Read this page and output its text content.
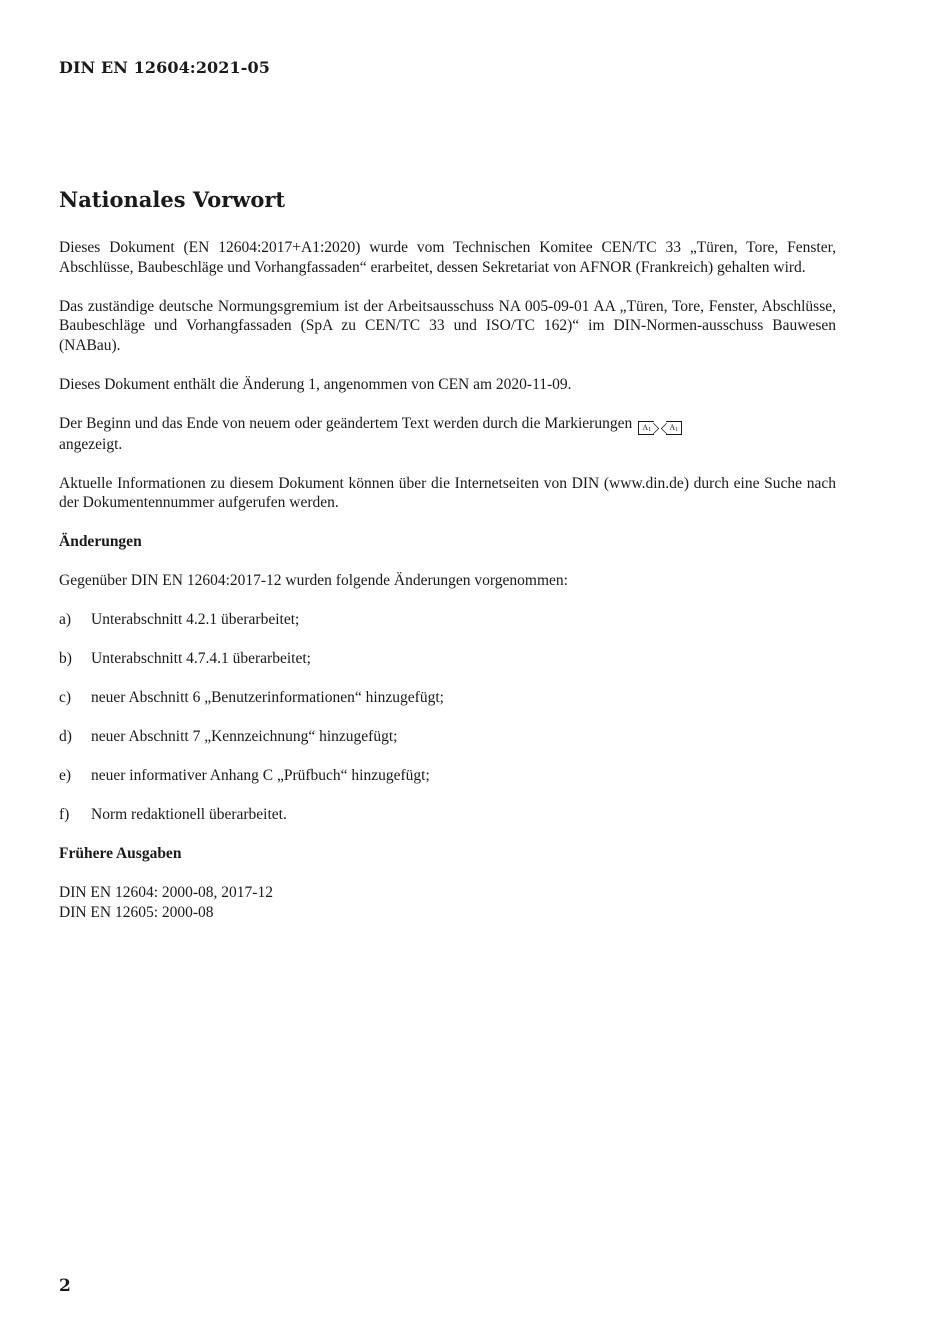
DIN EN 12604:2021-05
Nationales Vorwort

Dieses Dokument (EN 12604:2017+A1:2020) wurde vom Technischen Komitee CEN/TC 33 „Türen, Tore, Fenster, Abschlüsse, Baubeschläge und Vorhangfassaden“ erarbeitet, dessen Sekretariat von AFNOR (Frankreich) gehalten wird.

Das zuständige deutsche Normungsgremium ist der Arbeitsausschuss NA 005-09-01 AA „Türen, Tore, Fenster, Abschlüsse, Baubeschläge und Vorhangfassaden (SpA zu CEN/TC 33 und ISO/TC 162)“ im DIN-Normen-ausschuss Bauwesen (NABau).

Dieses Dokument enthält die Änderung 1, angenommen von CEN am 2020-11-09.

Der Beginn und das Ende von neuem oder geändertem Text werden durch die Markierungen $A_1$ $A_1$
angezeigt.

Aktuelle Informationen zu diesem Dokument können über die Internetseiten von DIN (www.din.de) durch eine Suche nach der Dokumentennummer aufgerufen werden.

Änderungen

Gegenüber DIN EN 12604:2017-12 wurden folgende Änderungen vorgenommen:

a)	Unterabschnitt 4.2.1 überarbeitet;
b)	Unterabschnitt 4.7.4.1 überarbeitet;
c)	neuer Abschnitt 6 „Benutzerinformationen“ hinzugefügt;
d)	neuer Abschnitt 7 „Kennzeichnung“ hinzugefügt;
e)	neuer informativer Anhang C „Prüfbuch“ hinzugefügt;
f)	Norm redaktionell überarbeitet.
Frühere Ausgaben
DIN EN 12604: 2000-08, 2017-12
DIN EN 12605: 2000-08
2
